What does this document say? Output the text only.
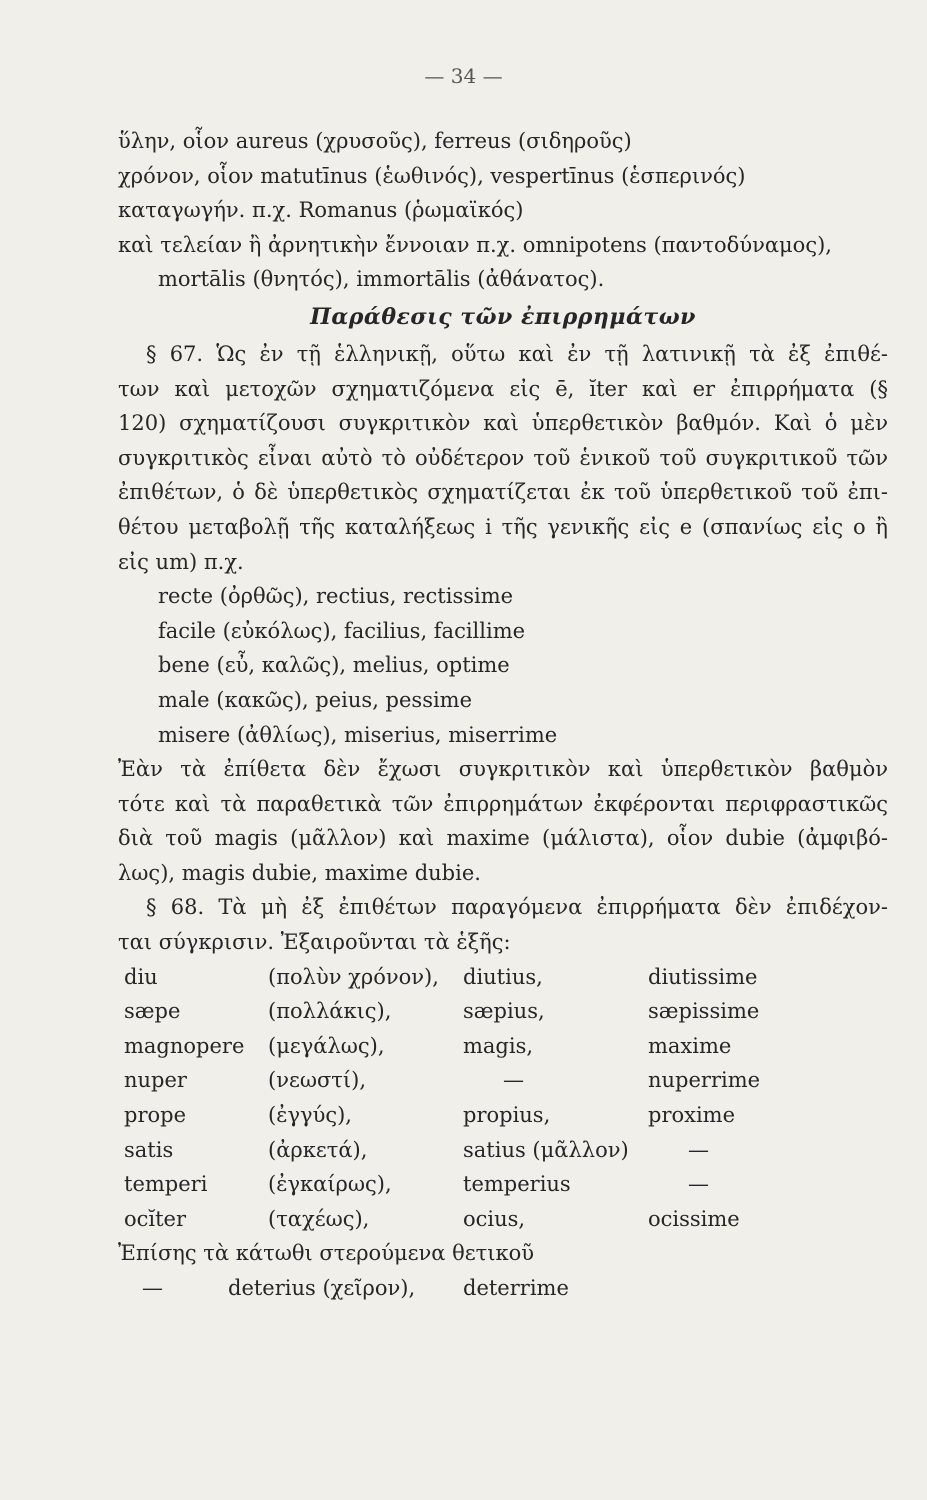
— 34 —
ὕλην, οἷον aureus (χρυσοῦς), ferreus (σιδηροῦς)
χρόνον, οἷον matutīnus (ἑωθινός), vespertīnus (ἑσπερινός)
καταγωγήν. π.χ. Romanus (ῥωμαϊκός)
καὶ τελείαν ἢ ἀρνητικὴν ἔννοιαν π.χ. omnipotens (παντοδύναμος),
mortālis (θνητός), immortālis (ἀθάνατος).
Παράθεσις τῶν ἐπιρρημάτων
§ 67. Ὡς ἐν τῇ ἑλληνικῇ, οὕτω καὶ ἐν τῇ λατινικῇ τὰ ἐξ ἐπιθέ-
των καὶ μετοχῶν σχηματιζόμενα εἰς ē, ĭter καὶ er ἐπιρρήματα (§
120) σχηματίζουσι συγκριτικὸν καὶ ὑπερθετικὸν βαθμόν. Καὶ ὁ μὲν
συγκριτικὸς εἶναι αὐτὸ τὸ οὐδέτερον τοῦ ἑνικοῦ τοῦ συγκριτικοῦ τῶν
ἐπιθέτων, ὁ δὲ ὑπερθετικὸς σχηματίζεται ἐκ τοῦ ὑπερθετικοῦ τοῦ ἐπι-
θέτου μεταβολῇ τῆς καταλήξεως i τῆς γενικῆς εἰς e (σπανίως εἰς o ἢ
εἰς um) π.χ.
recte (ὀρθῶς), rectius, rectissime
facile (εὐκόλως), facilius, facillime
bene (εὖ, καλῶς), melius, optime
male (κακῶς), peius, pessime
misere (ἀθλίως), miserius, miserrime
Ἐὰν τὰ ἐπίθετα δὲν ἔχωσι συγκριτικὸν καὶ ὑπερθετικὸν βαθμὸν
τότε καὶ τὰ παραθετικὰ τῶν ἐπιρρημάτων ἐκφέρονται περιφραστικῶς
διὰ τοῦ magis (μᾶλλον) καὶ maxime (μάλιστα), οἷον dubie (ἀμφιβό-
λως), magis dubie, maxime dubie.
§ 68. Τὰ μὴ ἐξ ἐπιθέτων παραγόμενα ἐπιρρήματα δὲν ἐπιδέχον-
ται σύγκρισιν. Ἐξαιροῦνται τὰ ἑξῆς:
diu	(πολὺν χρόνον), diutius,	diutissime
sæpe	(πολλάκις),	sæpius,	sæpissime
magnopere (μεγάλως),	magis,	maxime
nuper	(νεωστί),	—	nuperrime
prope	(ἐγγύς),	propius,	proxime
satis	(ἀρκετά),	satius (μᾶλλον)	—
temperi	(ἐγκαίρως),	temperius	—
ocĭter	(ταχέως),	ocius,	ocissime
Ἐπίσης τὰ κάτωθι στερούμενα θετικοῦ
—	deterius (χεῖρον), deterrime
